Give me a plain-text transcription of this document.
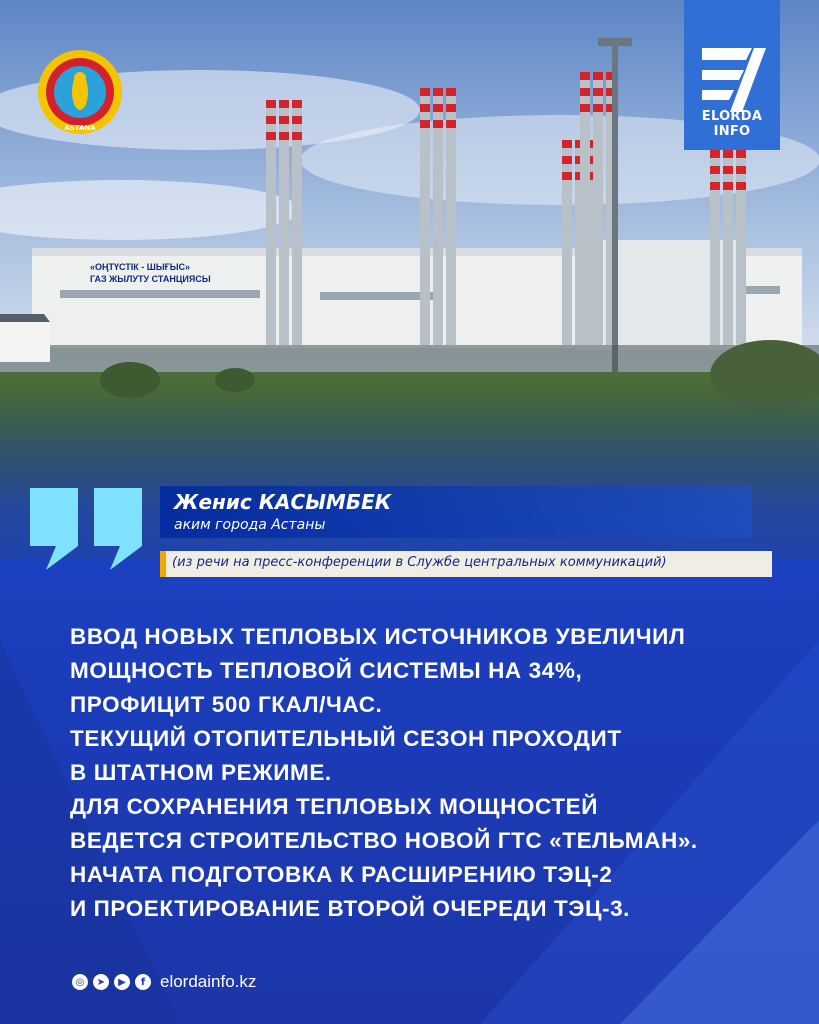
ASTANA
ELORDA
INFO
Женис КАСЫМБЕК
аким города Астаны
(из речи на пресс-конференции в Службе центральных коммуникаций)
ВВОД НОВЫХ ТЕПЛОВЫХ ИСТОЧНИКОВ УВЕЛИЧИЛ
МОЩНОСТЬ ТЕПЛОВОЙ СИСТЕМЫ НА 34%,
ПРОФИЦИТ 500 ГКАЛ/ЧАС.
ТЕКУЩИЙ ОТОПИТЕЛЬНЫЙ СЕЗОН ПРОХОДИТ
В ШТАТНОМ РЕЖИМЕ.
ДЛЯ СОХРАНЕНИЯ ТЕПЛОВЫХ МОЩНОСТЕЙ
ВЕДЕТСЯ СТРОИТЕЛЬСТВО НОВОЙ ГТС «ТЕЛЬМАН».
НАЧАТА ПОДГОТОВКА К РАСШИРЕНИЮ ТЭЦ-2
И ПРОЕКТИРОВАНИЕ ВТОРОЙ ОЧЕРЕДИ ТЭЦ-3.
◎	➤	▶	f elordainfo.kz
